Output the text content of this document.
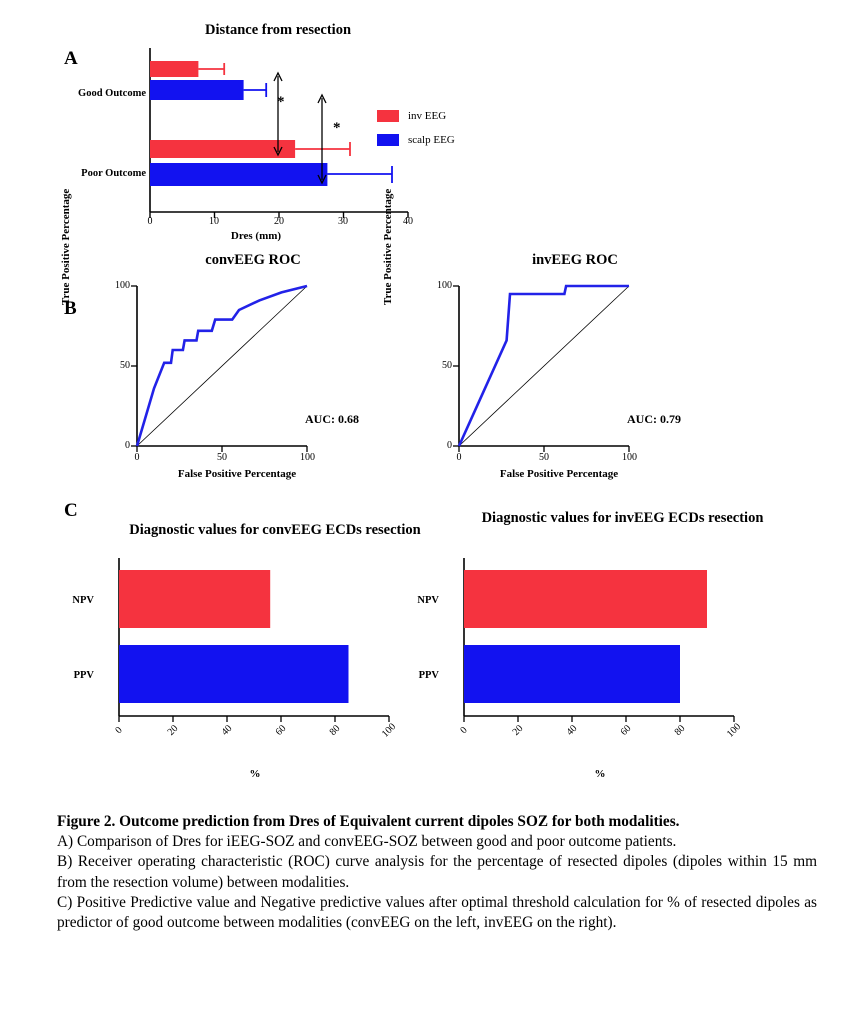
A
Distance from resection
Good Outcome
Poor Outcome
0	10	20	30	40
Dres (mm)
*
*
inv EEG
scalp EEG
B
convEEG ROC
True Positive Percentage	100
50
0
0	50	100
False Positive Percentage
AUC: 0.68
invEEG ROC
True Positive Percentage	100
50
0
0	50	100
False Positive Percentage
AUC: 0.79
C
Diagnostic values for convEEG ECDs resection
NPV
PPV
0	20	40	60	80	100
%
Diagnostic values for invEEG ECDs resection
NPV
PPV
0	20	40	60	80	100
%

Figure 2. Outcome prediction from Dres of Equivalent current dipoles SOZ for both modalities.

A) Comparison of Dres for iEEG-SOZ and convEEG-SOZ between good and poor outcome patients.

B) Receiver operating characteristic (ROC) curve analysis for the percentage of resected dipoles (dipoles within 15 mm from the resection volume) between modalities.

C) Positive Predictive value and Negative predictive values after optimal threshold calculation for % of resected dipoles as predictor of good outcome between modalities (convEEG on the left, invEEG on the right).
